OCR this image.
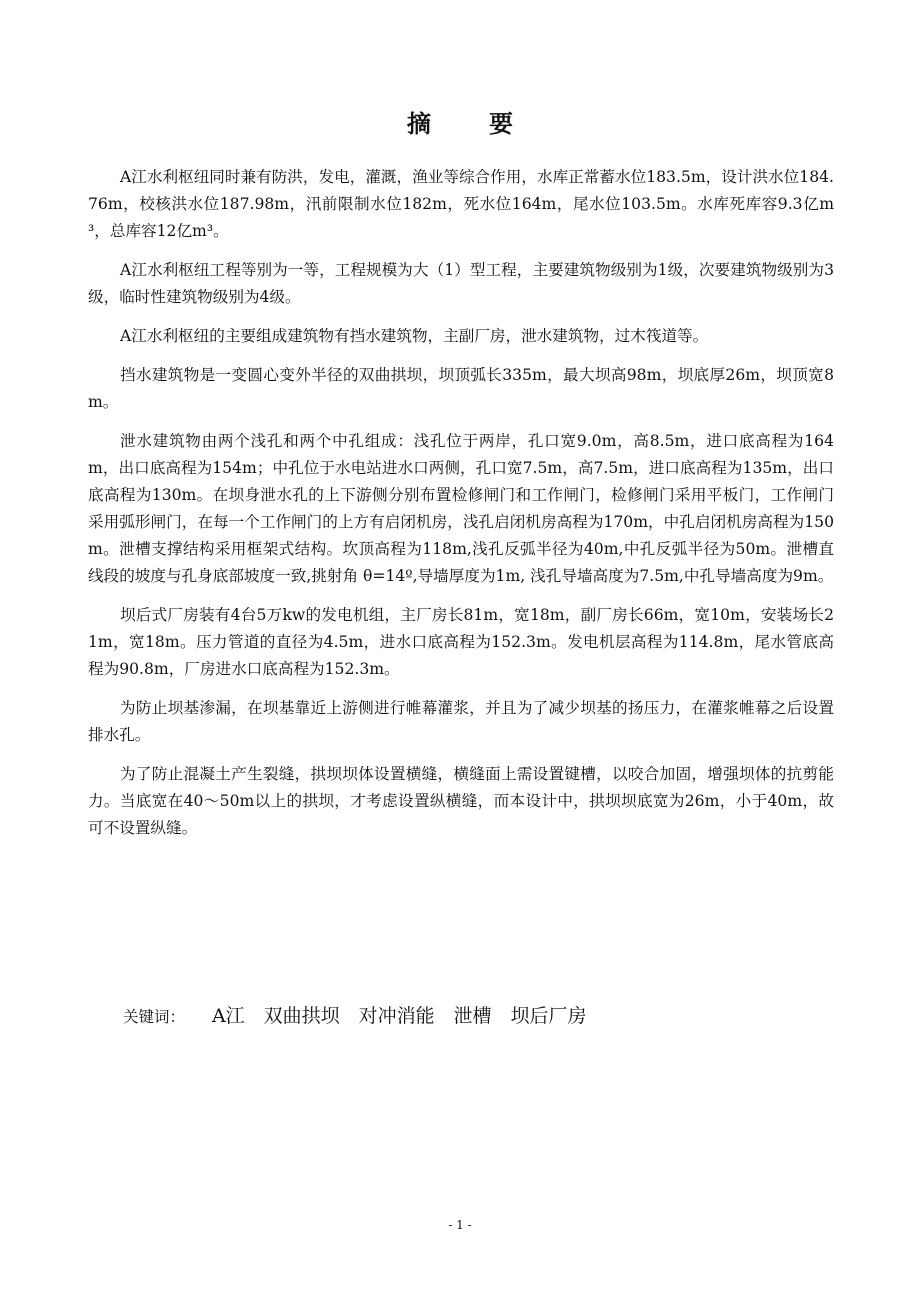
摘要

A江水利枢纽同时兼有防洪，发电，灌溉，渔业等综合作用，水库正常蓄水位183.5m，设计洪水位184.76m，校核洪水位187.98m，汛前限制水位182m，死水位164m，尾水位103.5m。水库死库容9.3亿m³，总库容12亿m³。

A江水利枢纽工程等别为一等，工程规模为大（1）型工程，主要建筑物级别为1级，次要建筑物级别为3级，临时性建筑物级别为4级。

A江水利枢纽的主要组成建筑物有挡水建筑物，主副厂房，泄水建筑物，过木筏道等。

挡水建筑物是一变圆心变外半径的双曲拱坝，坝顶弧长335m，最大坝高98m，坝底厚26m，坝顶宽8m。

泄水建筑物由两个浅孔和两个中孔组成：浅孔位于两岸，孔口宽9.0m，高8.5m，进口底高程为164m，出口底高程为154m；中孔位于水电站进水口两侧，孔口宽7.5m，高7.5m，进口底高程为135m，出口底高程为130m。在坝身泄水孔的上下游侧分别布置检修闸门和工作闸门，检修闸门采用平板门，工作闸门采用弧形闸门，在每一个工作闸门的上方有启闭机房，浅孔启闭机房高程为170m，中孔启闭机房高程为150m。泄槽支撑结构采用框架式结构。坎顶高程为118m,浅孔反弧半径为40m,中孔反弧半径为50m。泄槽直线段的坡度与孔身底部坡度一致,挑射角 θ=14º,导墙厚度为1m, 浅孔导墙高度为7.5m,中孔导墙高度为9m。

坝后式厂房装有4台5万kw的发电机组，主厂房长81m，宽18m，副厂房长66m，宽10m，安装场长21m，宽18m。压力管道的直径为4.5m，进水口底高程为152.3m。发电机层高程为114.8m，尾水管底高程为90.8m，厂房进水口底高程为152.3m。

为防止坝基渗漏，在坝基靠近上游侧进行帷幕灌浆，并且为了减少坝基的扬压力，在灌浆帷幕之后设置排水孔。

为了防止混凝土产生裂缝，拱坝坝体设置横缝，横缝面上需设置键槽，以咬合加固，增强坝体的抗剪能力。当底宽在40～50m以上的拱坝，才考虑设置纵横缝，而本设计中，拱坝坝底宽为26m，小于40m，故可不设置纵缝。

关键词： A江 双曲拱坝 对冲消能 泄槽 坝后厂房
- 1 -
